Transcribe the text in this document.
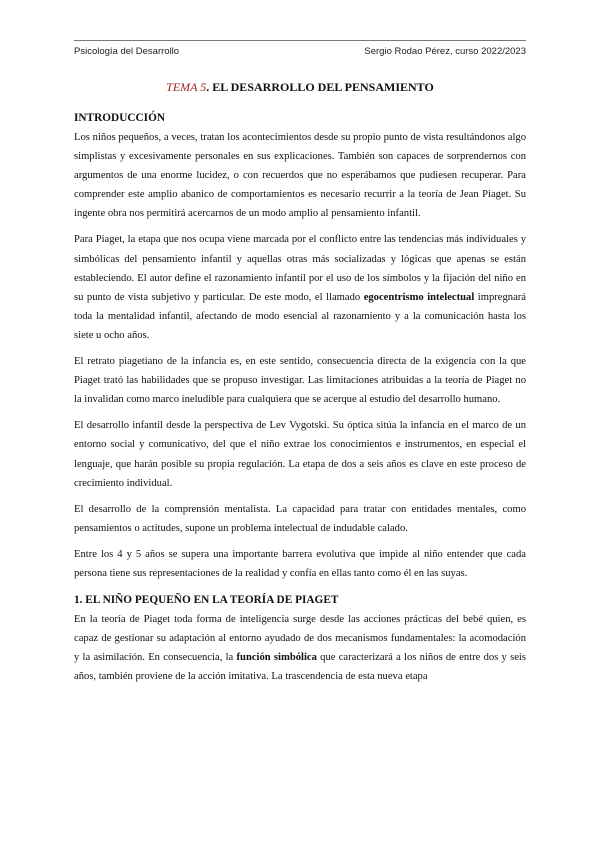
Psicología del Desarrollo	Sergio Rodao Pérez, curso 2022/2023
TEMA 5. EL DESARROLLO DEL PENSAMIENTO
INTRODUCCIÓN

Los niños pequeños, a veces, tratan los acontecimientos desde su propio punto de vista resultándonos algo simplistas y excesivamente personales en sus explicaciones. También son capaces de sorprendernos con argumentos de una enorme lucidez, o con recuerdos que no esperábamos que pudiesen recuperar. Para comprender este amplio abanico de comportamientos es necesario recurrir a la teoría de Jean Piaget. Su ingente obra nos permitirá acercarnos de un modo amplio al pensamiento infantil.

Para Piaget, la etapa que nos ocupa viene marcada por el conflicto entre las tendencias más individuales y simbólicas del pensamiento infantil y aquellas otras más socializadas y lógicas que apenas se están estableciendo. El autor define el razonamiento infantil por el uso de los símbolos y la fijación del niño en su punto de vista subjetivo y particular. De este modo, el llamado egocentrismo intelectual impregnará toda la mentalidad infantil, afectando de modo esencial al razonamiento y a la comunicación hasta los siete u ocho años.

El retrato piagetiano de la infancia es, en este sentido, consecuencia directa de la exigencia con la que Piaget trató las habilidades que se propuso investigar. Las limitaciones atribuidas a la teoría de Piaget no la invalidan como marco ineludible para cualquiera que se acerque al estudio del desarrollo humano.

El desarrollo infantil desde la perspectiva de Lev Vygotski. Su óptica sitúa la infancia en el marco de un entorno social y comunicativo, del que el niño extrae los conocimientos e instrumentos, en especial el lenguaje, que harán posible su propia regulación. La etapa de dos a seis años es clave en este proceso de crecimiento individual.

El desarrollo de la comprensión mentalista. La capacidad para tratar con entidades mentales, como pensamientos o actitudes, supone un problema intelectual de indudable calado.

Entre los 4 y 5 años se supera una importante barrera evolutiva que impide al niño entender que cada persona tiene sus representaciones de la realidad y confía en ellas tanto como él en las suyas.

1. EL NIÑO PEQUEÑO EN LA TEORÍA DE PIAGET

En la teoría de Piaget toda forma de inteligencia surge desde las acciones prácticas del bebé quien, es capaz de gestionar su adaptación al entorno ayudado de dos mecanismos fundamentales: la acomodación y la asimilación. En consecuencia, la función simbólica que caracterizará a los niños de entre dos y seis años, también proviene de la acción imitativa. La trascendencia de esta nueva etapa
